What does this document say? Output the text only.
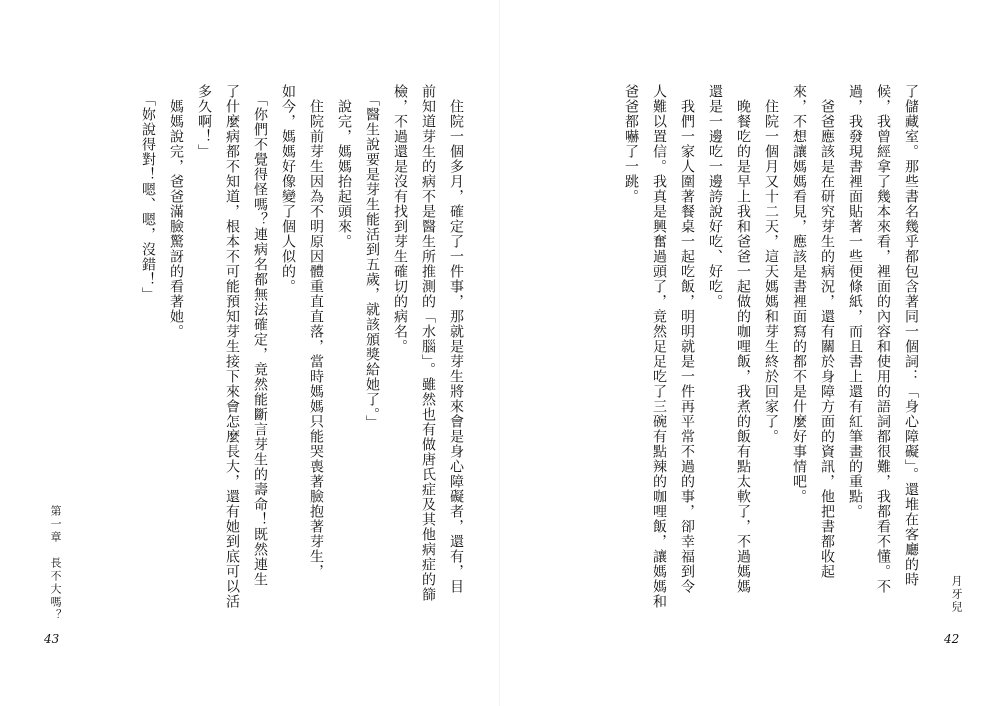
　住院一個多月，確定了一件事，那就是芽生將來會是身心障礙者，還有，目
前知道芽生的病不是醫生所推測的「水腦」。雖然也有做唐氏症及其他病症的篩
檢，不過還是沒有找到芽生確切的病名。
　「醫生說要是芽生能活到五歲，就該頒獎給她了。」
　說完，媽媽抬起頭來。
　住院前芽生因為不明原因體重直直落，當時媽媽只能哭喪著臉抱著芽生，
如今，媽媽好像變了個人似的。
　「你們不覺得怪嗎？連病名都無法確定，竟然能斷言芽生的壽命！既然連生
了什麼病都不知道，根本不可能預知芽生接下來會怎麼長大，還有她到底可以活
多久啊！」
　媽媽說完，爸爸滿臉驚訝的看著她。
　「妳說得對！嗯、嗯，沒錯！」
第一章　長不大嗎？
43
了儲藏室。那些書名幾乎都包含著同一個詞：「身心障礙」。還堆在客廳的時
候，我曾經拿了幾本來看，裡面的內容和使用的語詞都很難，我都看不懂。不
過，我發現書裡面貼著一些便條紙，而且書上還有紅筆畫的重點。
　爸爸應該是在研究芽生的病況，還有關於身障方面的資訊，他把書都收起
來，不想讓媽媽看見，應該是書裡面寫的都不是什麼好事情吧。
　住院一個月又十二天，這天媽媽和芽生終於回家了。
　晚餐吃的是早上我和爸爸一起做的咖哩飯，我煮的飯有點太軟了，不過媽媽
還是一邊吃一邊誇說好吃、好吃。
　我們一家人圍著餐桌一起吃飯，明明就是一件再平常不過的事，卻幸福到令
人難以置信。我真是興奮過頭了，竟然足足吃了三碗有點辣的咖哩飯，讓媽媽和
爸爸都嚇了一跳。
月牙兒
42
